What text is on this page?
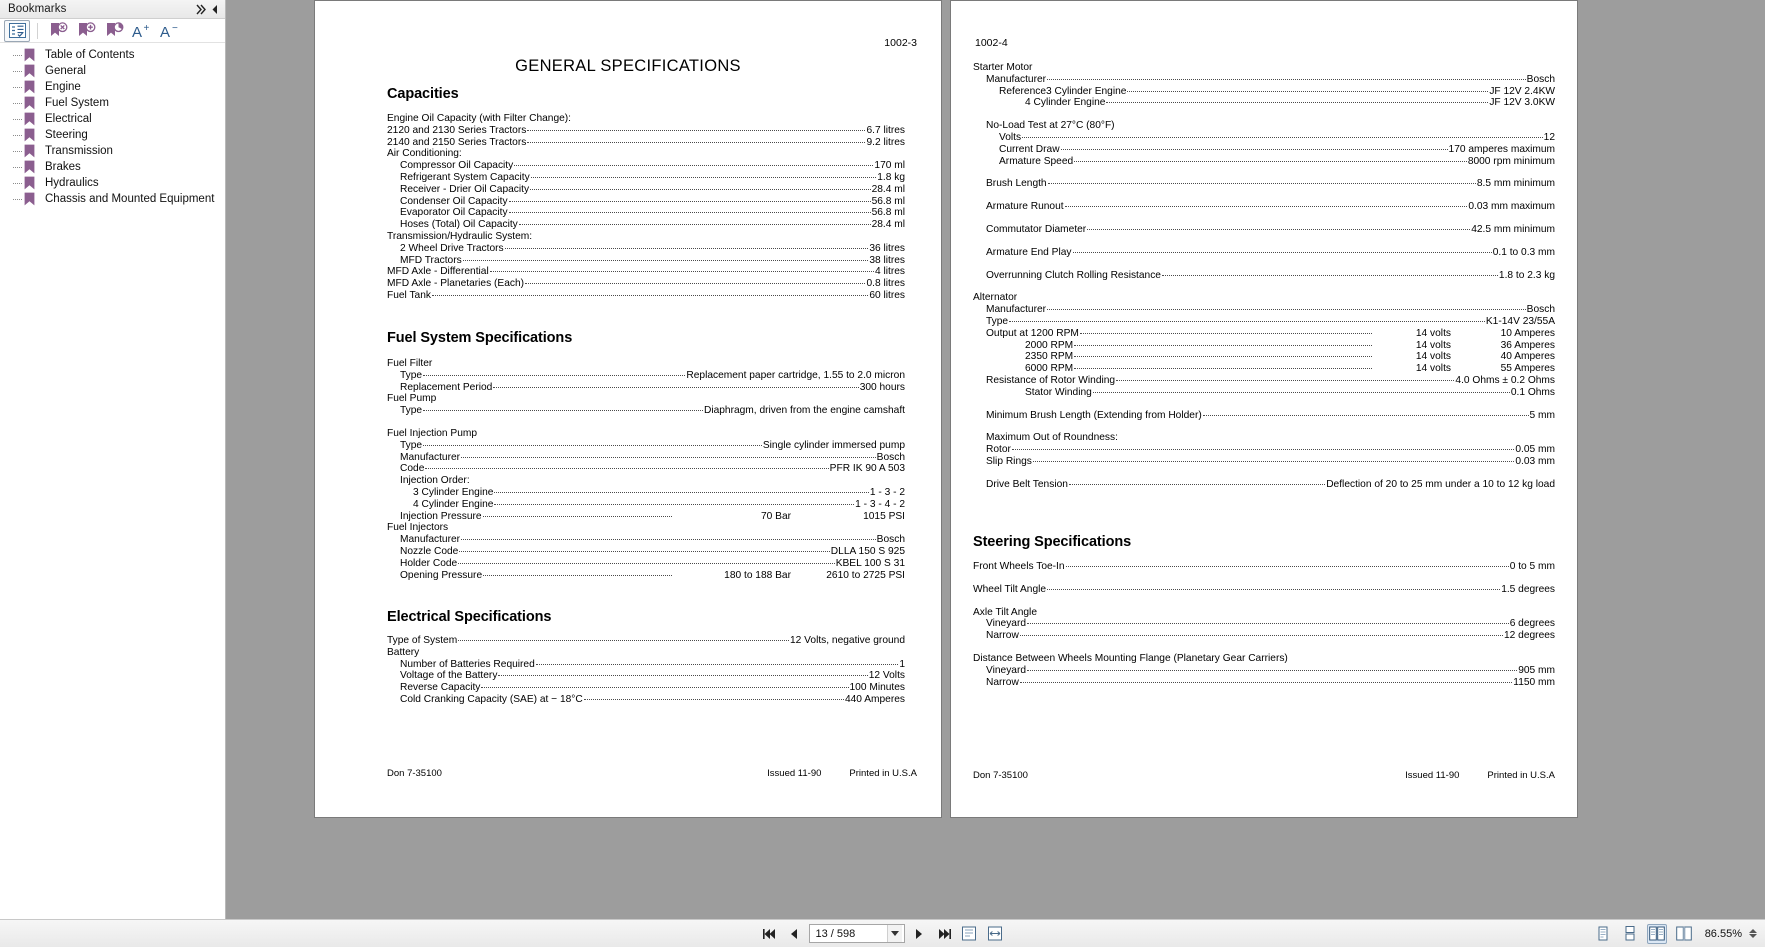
Bookmarks
A + A −
Table of Contents
General
Engine
Fuel System
Electrical
Steering
Transmission
Brakes
Hydraulics
Chassis and Mounted Equipment
1002-3
GENERAL SPECIFICATIONS
Capacities
Engine Oil Capacity (with Filter Change):
2120 and 2130 Series Tractors	6.7 litres
2140 and 2150 Series Tractors	9.2 litres
Air Conditioning:
Compressor Oil Capacity	170 ml
Refrigerant System Capacity	1.8 kg
Receiver - Drier Oil Capacity	28.4 ml
Condenser Oil Capacity	56.8 ml
Evaporator Oil Capacity	56.8 ml
Hoses (Total) Oil Capacity	28.4 ml
Transmission/Hydraulic System:
2 Wheel Drive Tractors	36 litres
MFD Tractors	38 litres
MFD Axle - Differential	4 litres
MFD Axle - Planetaries (Each)	0.8 litres
Fuel Tank	60 litres
Fuel System Specifications
Fuel Filter
Type	Replacement paper cartridge, 1.55 to 2.0 micron
Replacement Period	300 hours
Fuel Pump
Type	Diaphragm, driven from the engine camshaft
Fuel Injection Pump
Type	Single cylinder immersed pump
Manufacturer	Bosch
Code	PFR IK 90 A 503
Injection Order:
3 Cylinder Engine	1 - 3 - 2
4 Cylinder Engine	1 - 3 - 4 - 2
Injection Pressure	70 Bar	1015 PSI
Fuel Injectors
Manufacturer	Bosch
Nozzle Code	DLLA 150 S 925
Holder Code	KBEL 100 S 31
Opening Pressure	180 to 188 Bar	2610 to 2725 PSI
Electrical Specifications
Type of System	12 Volts, negative ground
Battery
Number of Batteries Required	1
Voltage of the Battery	12 Volts
Reverse Capacity	100 Minutes
Cold Cranking Capacity (SAE) at − 18°C	440 Amperes
Don 7-35100	Issued 11-90	Printed in U.S.A
1002-4
Starter Motor
Manufacturer	Bosch
Reference3 Cylinder Engine	JF 12V 2.4KW
4 Cylinder Engine	JF 12V 3.0KW
No-Load Test at 27°C (80°F)
Volts	12
Current Draw	170 amperes maximum
Armature Speed	8000 rpm minimum
Brush Length	8.5 mm minimum
Armature Runout	0.03 mm maximum
Commutator Diameter	42.5 mm minimum
Armature End Play	0.1 to 0.3 mm
Overrunning Clutch Rolling Resistance	1.8 to 2.3 kg
Alternator
Manufacturer	Bosch
Type	K1-14V 23/55A
Output at 1200 RPM	14 volts	10 Amperes
2000 RPM	14 volts	36 Amperes
2350 RPM	14 volts	40 Amperes
6000 RPM	14 volts	55 Amperes
Resistance of Rotor Winding	4.0 Ohms ± 0.2 Ohms
Stator Winding	0.1 Ohms
Minimum Brush Length (Extending from Holder)	5 mm
Maximum Out of Roundness:
Rotor	0.05 mm
Slip Rings	0.03 mm
Drive Belt Tension	Deflection of 20 to 25 mm under a 10 to 12 kg load
Steering Specifications
Front Wheels Toe-In	0 to 5 mm
Wheel Tilt Angle	1.5 degrees
Axle Tilt Angle
Vineyard	6 degrees
Narrow	12 degrees
Distance Between Wheels Mounting Flange (Planetary Gear Carriers)
Vineyard	905 mm
Narrow	1150 mm
Don 7-35100	Issued 11-90	Printed in U.S.A
13 / 598	86.55%
